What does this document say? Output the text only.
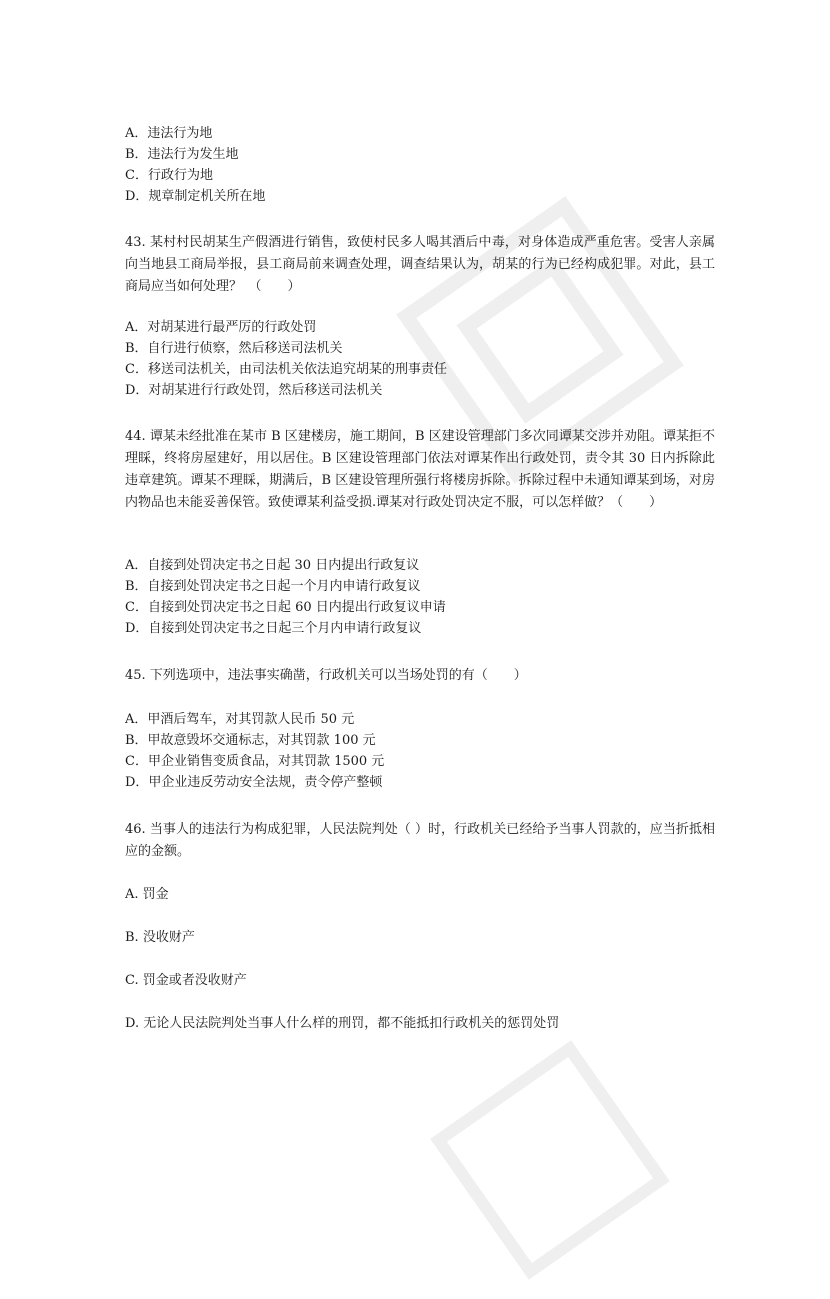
A．违法行为地
B．违法行为发生地
C．行政行为地
D．规章制定机关所在地
43. 某村村民胡某生产假酒进行销售，致使村民多人喝其酒后中毒，对身体造成严重危害。受害人亲属向当地县工商局举报，县工商局前来调查处理，调查结果认为，胡某的行为已经构成犯罪。对此，县工商局应当如何处理？　（　　）
A．对胡某进行最严厉的行政处罚
B．自行进行侦察，然后移送司法机关
C．移送司法机关，由司法机关依法追究胡某的刑事责任
D．对胡某进行行政处罚，然后移送司法机关
44. 谭某未经批准在某市 B 区建楼房，施工期间，B 区建设管理部门多次同谭某交涉并劝阻。谭某拒不理睬，终将房屋建好，用以居住。B 区建设管理部门依法对谭某作出行政处罚，责令其 30 日内拆除此违章建筑。谭某不理睬，期满后，B 区建设管理所强行将楼房拆除。拆除过程中未通知谭某到场，对房内物品也未能妥善保管。致使谭某利益受损.谭某对行政处罚决定不服，可以怎样做？（　　）
A．自接到处罚决定书之日起 30 日内提出行政复议
B．自接到处罚决定书之日起一个月内申请行政复议
C．自接到处罚决定书之日起 60 日内提出行政复议申请
D．自接到处罚决定书之日起三个月内申请行政复议
45. 下列选项中，违法事实确凿，行政机关可以当场处罚的有（　　）
A．甲酒后驾车，对其罚款人民币 50 元
B．甲故意毁坏交通标志，对其罚款 100 元
C．甲企业销售变质食品，对其罚款 1500 元
D．甲企业违反劳动安全法规，责令停产整顿
46. 当事人的违法行为构成犯罪，人民法院判处（ ）时，行政机关已经给予当事人罚款的，应当折抵相应的金额。
A. 罚金
B. 没收财产
C. 罚金或者没收财产
D. 无论人民法院判处当事人什么样的刑罚，都不能抵扣行政机关的惩罚处罚
